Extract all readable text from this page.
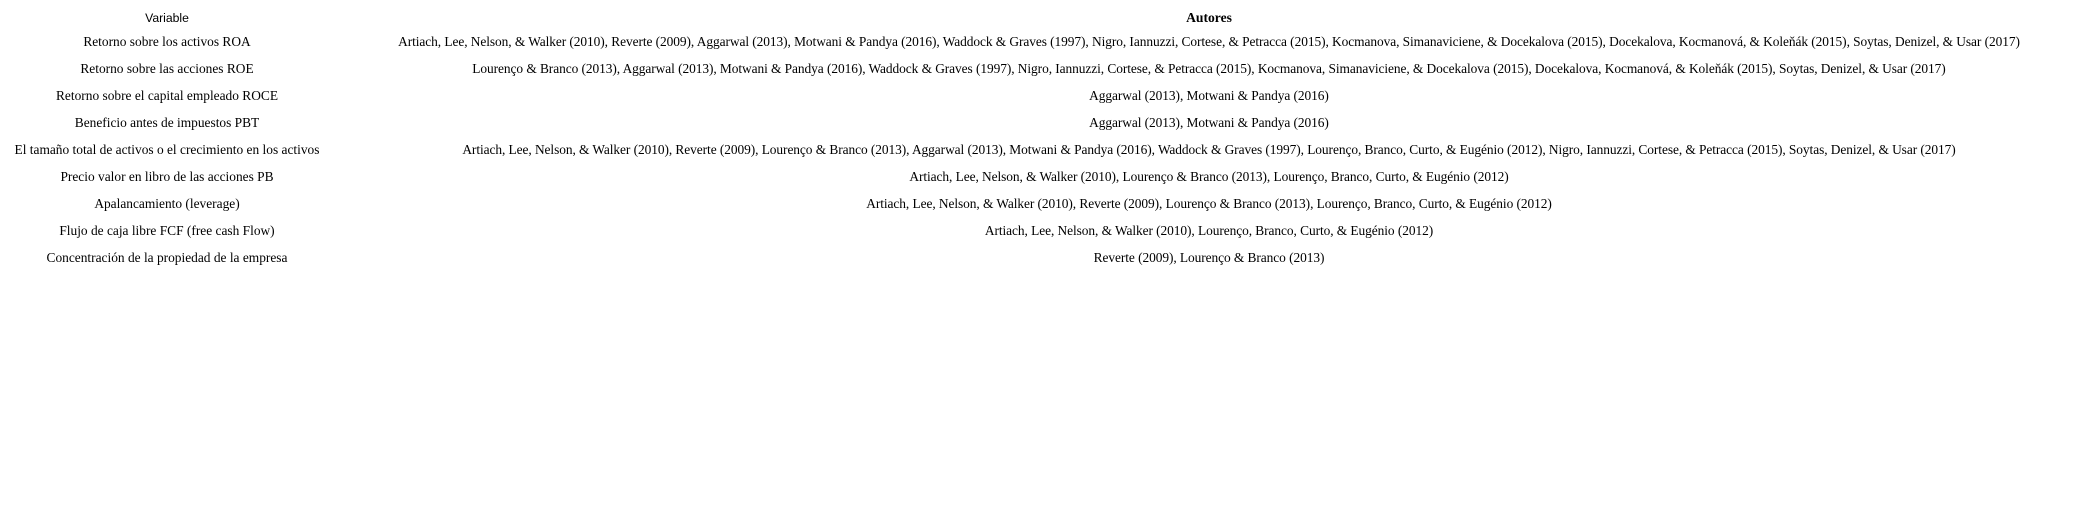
Variable	Autores
Retorno sobre los activos ROA	Artiach, Lee, Nelson, & Walker (2010), Reverte (2009), Aggarwal (2013), Motwani & Pandya (2016), Waddock & Graves (1997), Nigro, Iannuzzi, Cortese, & Petracca (2015), Kocmanova, Simanaviciene, & Docekalova (2015), Docekalova, Kocmanová, & Koleňák (2015), Soytas, Denizel, & Usar (2017)
Retorno sobre las acciones ROE	Lourenço & Branco (2013), Aggarwal (2013), Motwani & Pandya (2016), Waddock & Graves (1997), Nigro, Iannuzzi, Cortese, & Petracca (2015), Kocmanova, Simanaviciene, & Docekalova (2015), Docekalova, Kocmanová, & Koleňák (2015), Soytas, Denizel, & Usar (2017)
Retorno sobre el capital empleado ROCE	Aggarwal (2013), Motwani & Pandya (2016)
Beneficio antes de impuestos PBT	Aggarwal (2013), Motwani & Pandya (2016)
El tamaño total de activos o el crecimiento en los activos	Artiach, Lee, Nelson, & Walker (2010), Reverte (2009), Lourenço & Branco (2013), Aggarwal (2013), Motwani & Pandya (2016), Waddock & Graves (1997), Lourenço, Branco, Curto, & Eugénio (2012), Nigro, Iannuzzi, Cortese, & Petracca (2015), Soytas, Denizel, & Usar (2017)
Precio valor en libro de las acciones PB	Artiach, Lee, Nelson, & Walker (2010), Lourenço & Branco (2013), Lourenço, Branco, Curto, & Eugénio (2012)
Apalancamiento (leverage)	Artiach, Lee, Nelson, & Walker (2010), Reverte (2009), Lourenço & Branco (2013), Lourenço, Branco, Curto, & Eugénio (2012)
Flujo de caja libre FCF (free cash Flow)	Artiach, Lee, Nelson, & Walker (2010), Lourenço, Branco, Curto, & Eugénio (2012)
Concentración de la propiedad de la empresa	Reverte (2009), Lourenço & Branco (2013)
